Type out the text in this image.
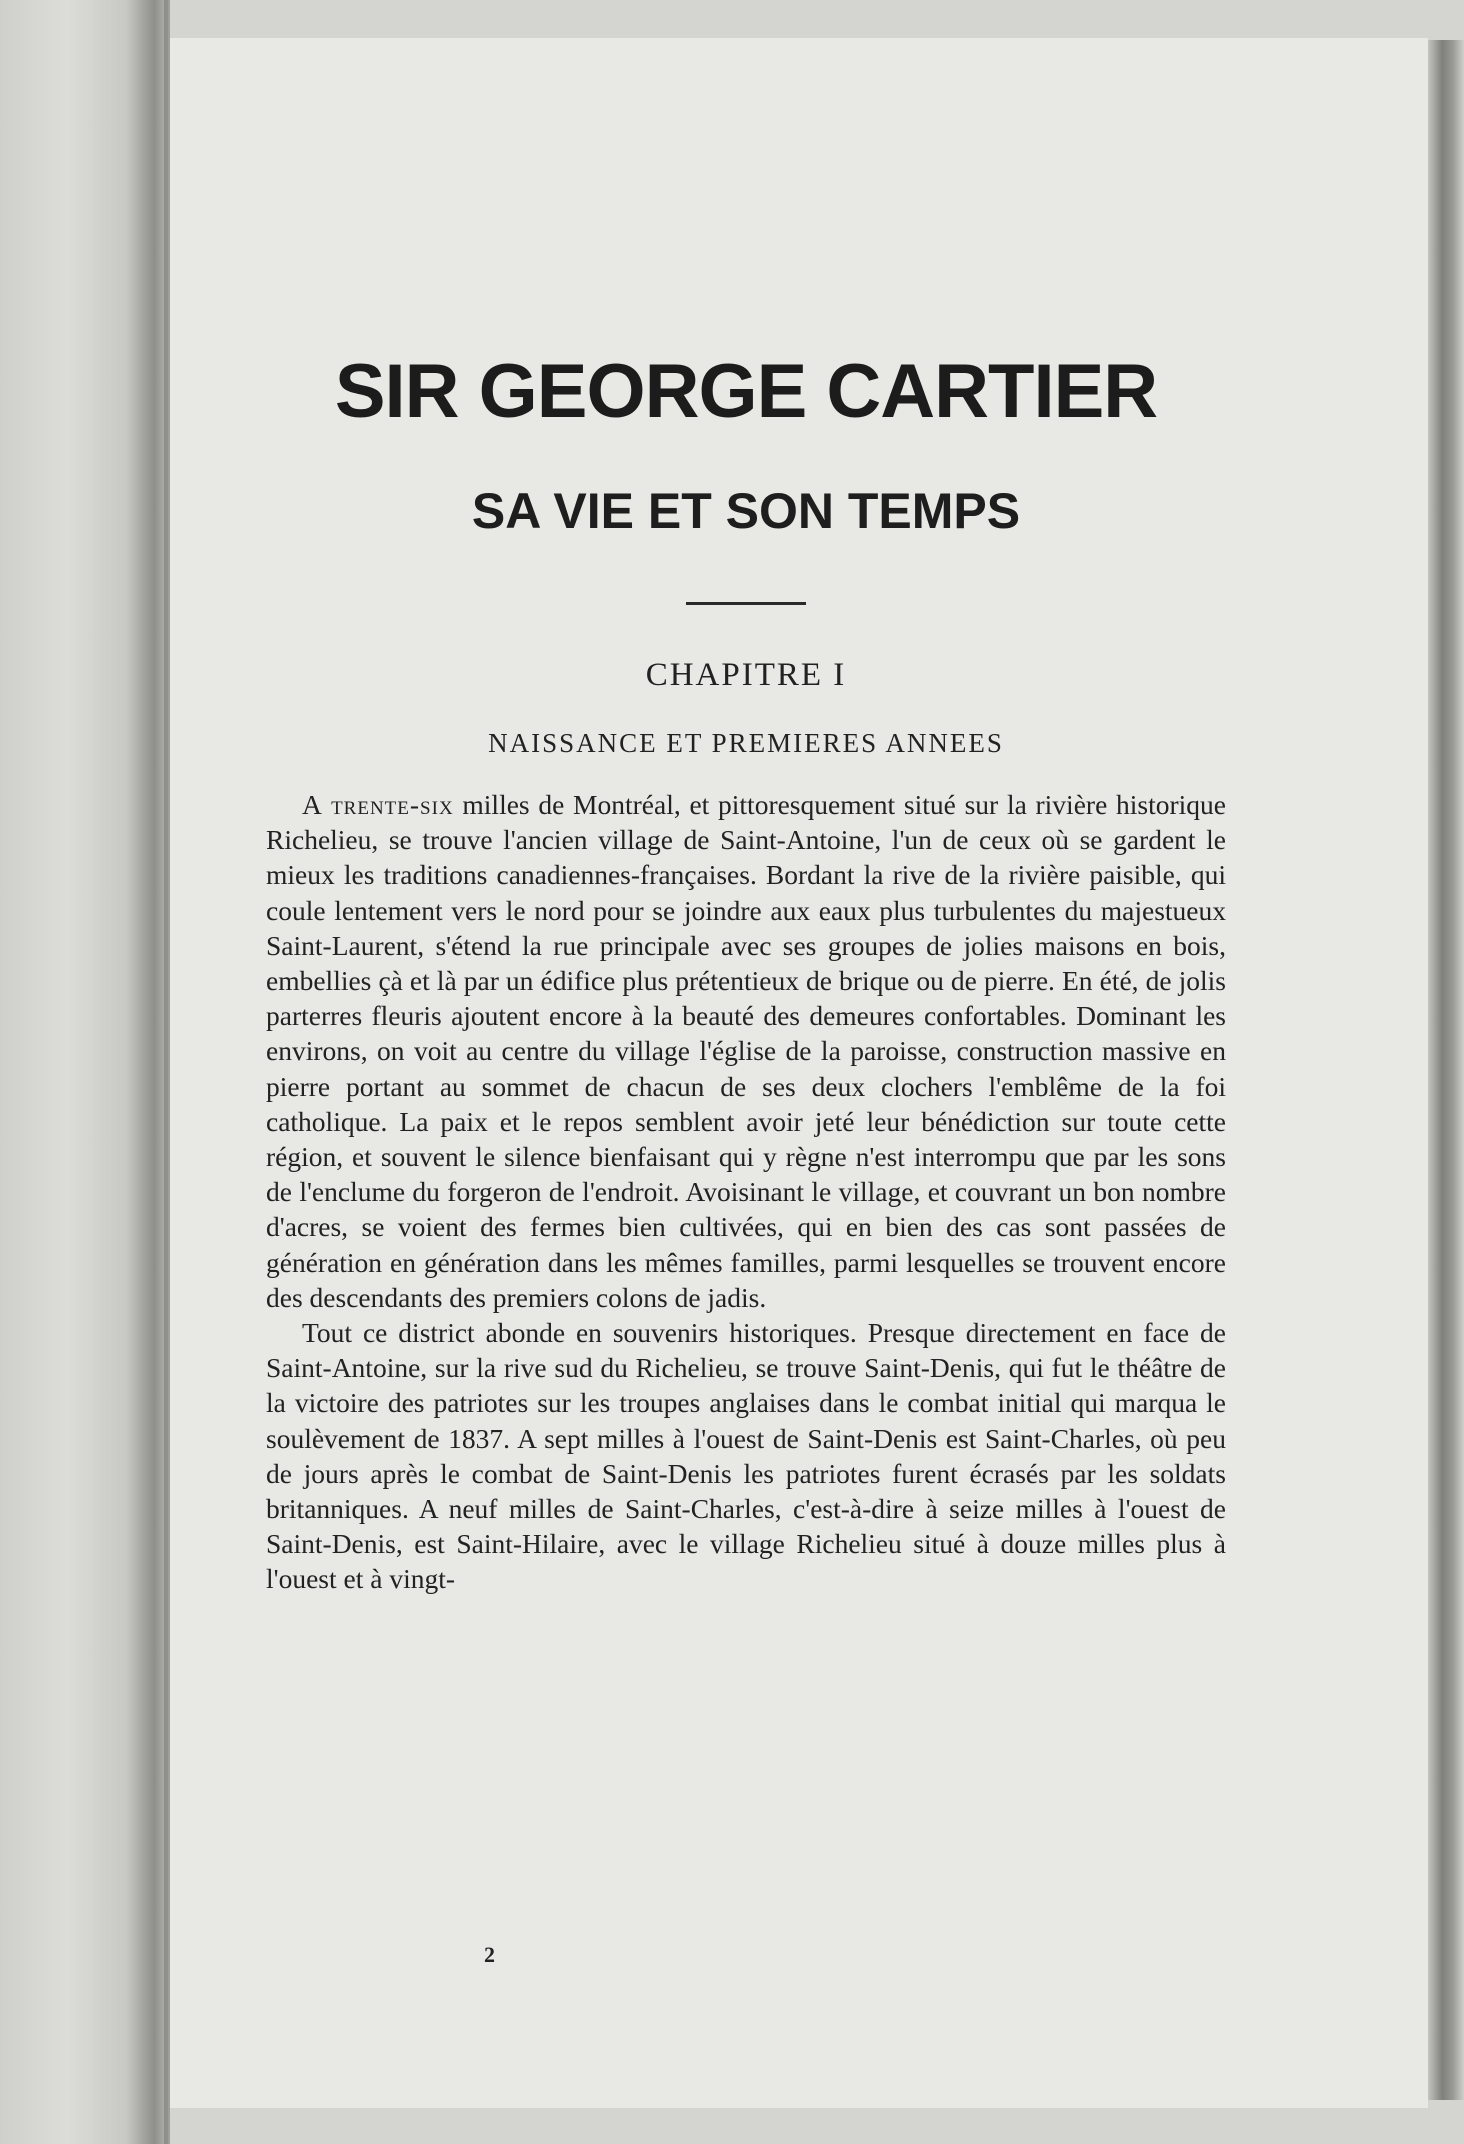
SIR GEORGE CARTIER
SA VIE ET SON TEMPS
CHAPITRE I
NAISSANCE ET PREMIERES ANNEES

A trente-six milles de Montréal, et pittoresquement situé sur la rivière historique Richelieu, se trouve l'ancien village de Saint-Antoine, l'un de ceux où se gardent le mieux les traditions canadiennes-françaises. Bordant la rive de la rivière paisible, qui coule lentement vers le nord pour se joindre aux eaux plus turbulentes du majestueux Saint-Laurent, s'étend la rue principale avec ses groupes de jolies maisons en bois, embellies çà et là par un édifice plus prétentieux de brique ou de pierre. En été, de jolis parterres fleuris ajoutent encore à la beauté des demeures confortables. Dominant les environs, on voit au centre du village l'église de la paroisse, construction massive en pierre portant au sommet de chacun de ses deux clochers l'emblême de la foi catholique. La paix et le repos semblent avoir jeté leur bénédiction sur toute cette région, et souvent le silence bienfaisant qui y règne n'est interrompu que par les sons de l'enclume du forgeron de l'endroit. Avoisinant le village, et couvrant un bon nombre d'acres, se voient des fermes bien cultivées, qui en bien des cas sont passées de génération en génération dans les mêmes familles, parmi lesquelles se trouvent encore des descendants des premiers colons de jadis.

Tout ce district abonde en souvenirs historiques. Presque directement en face de Saint-Antoine, sur la rive sud du Richelieu, se trouve Saint-Denis, qui fut le théâtre de la victoire des patriotes sur les troupes anglaises dans le combat initial qui marqua le soulèvement de 1837. A sept milles à l'ouest de Saint-Denis est Saint-Charles, où peu de jours après le combat de Saint-Denis les patriotes furent écrasés par les soldats britanniques. A neuf milles de Saint-Charles, c'est-à-dire à seize milles à l'ouest de Saint-Denis, est Saint-Hilaire, avec le village Richelieu situé à douze milles plus à l'ouest et à vingt-

2
